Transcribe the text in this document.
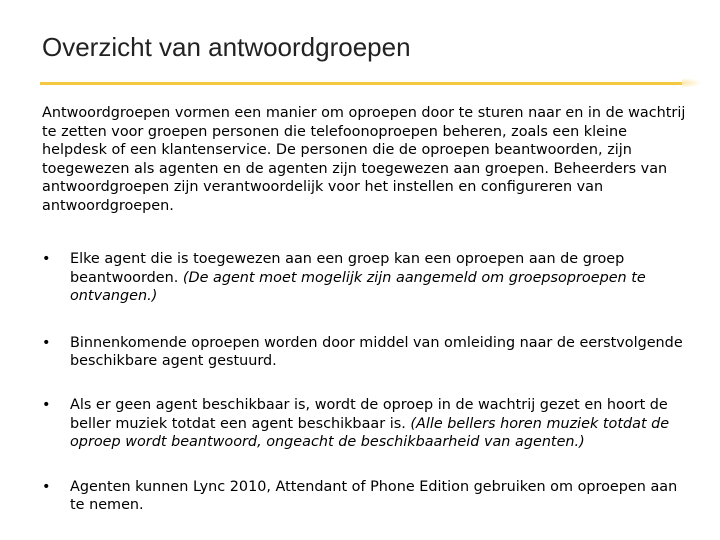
Overzicht van antwoordgroepen
Antwoordgroepen vormen een manier om oproepen door te sturen naar en in de wachtrij te zetten voor groepen personen die telefoonoproepen beheren, zoals een kleine helpdesk of een klantenservice. De personen die de oproepen beantwoorden, zijn toegewezen als agenten en de agenten zijn toegewezen aan groepen. Beheerders van antwoordgroepen zijn verantwoordelijk voor het instellen en configureren van antwoordgroepen.
• Elke agent die is toegewezen aan een groep kan een oproepen aan de groep beantwoorden. (De agent moet mogelijk zijn aangemeld om groepsoproepen te ontvangen.)
• Binnenkomende oproepen worden door middel van omleiding naar de eerstvolgende beschikbare agent gestuurd.
• Als er geen agent beschikbaar is, wordt de oproep in de wachtrij gezet en hoort de beller muziek totdat een agent beschikbaar is. (Alle bellers horen muziek totdat de oproep wordt beantwoord, ongeacht de beschikbaarheid van agenten.)
• Agenten kunnen Lync 2010, Attendant of Phone Edition gebruiken om oproepen aan te nemen.
